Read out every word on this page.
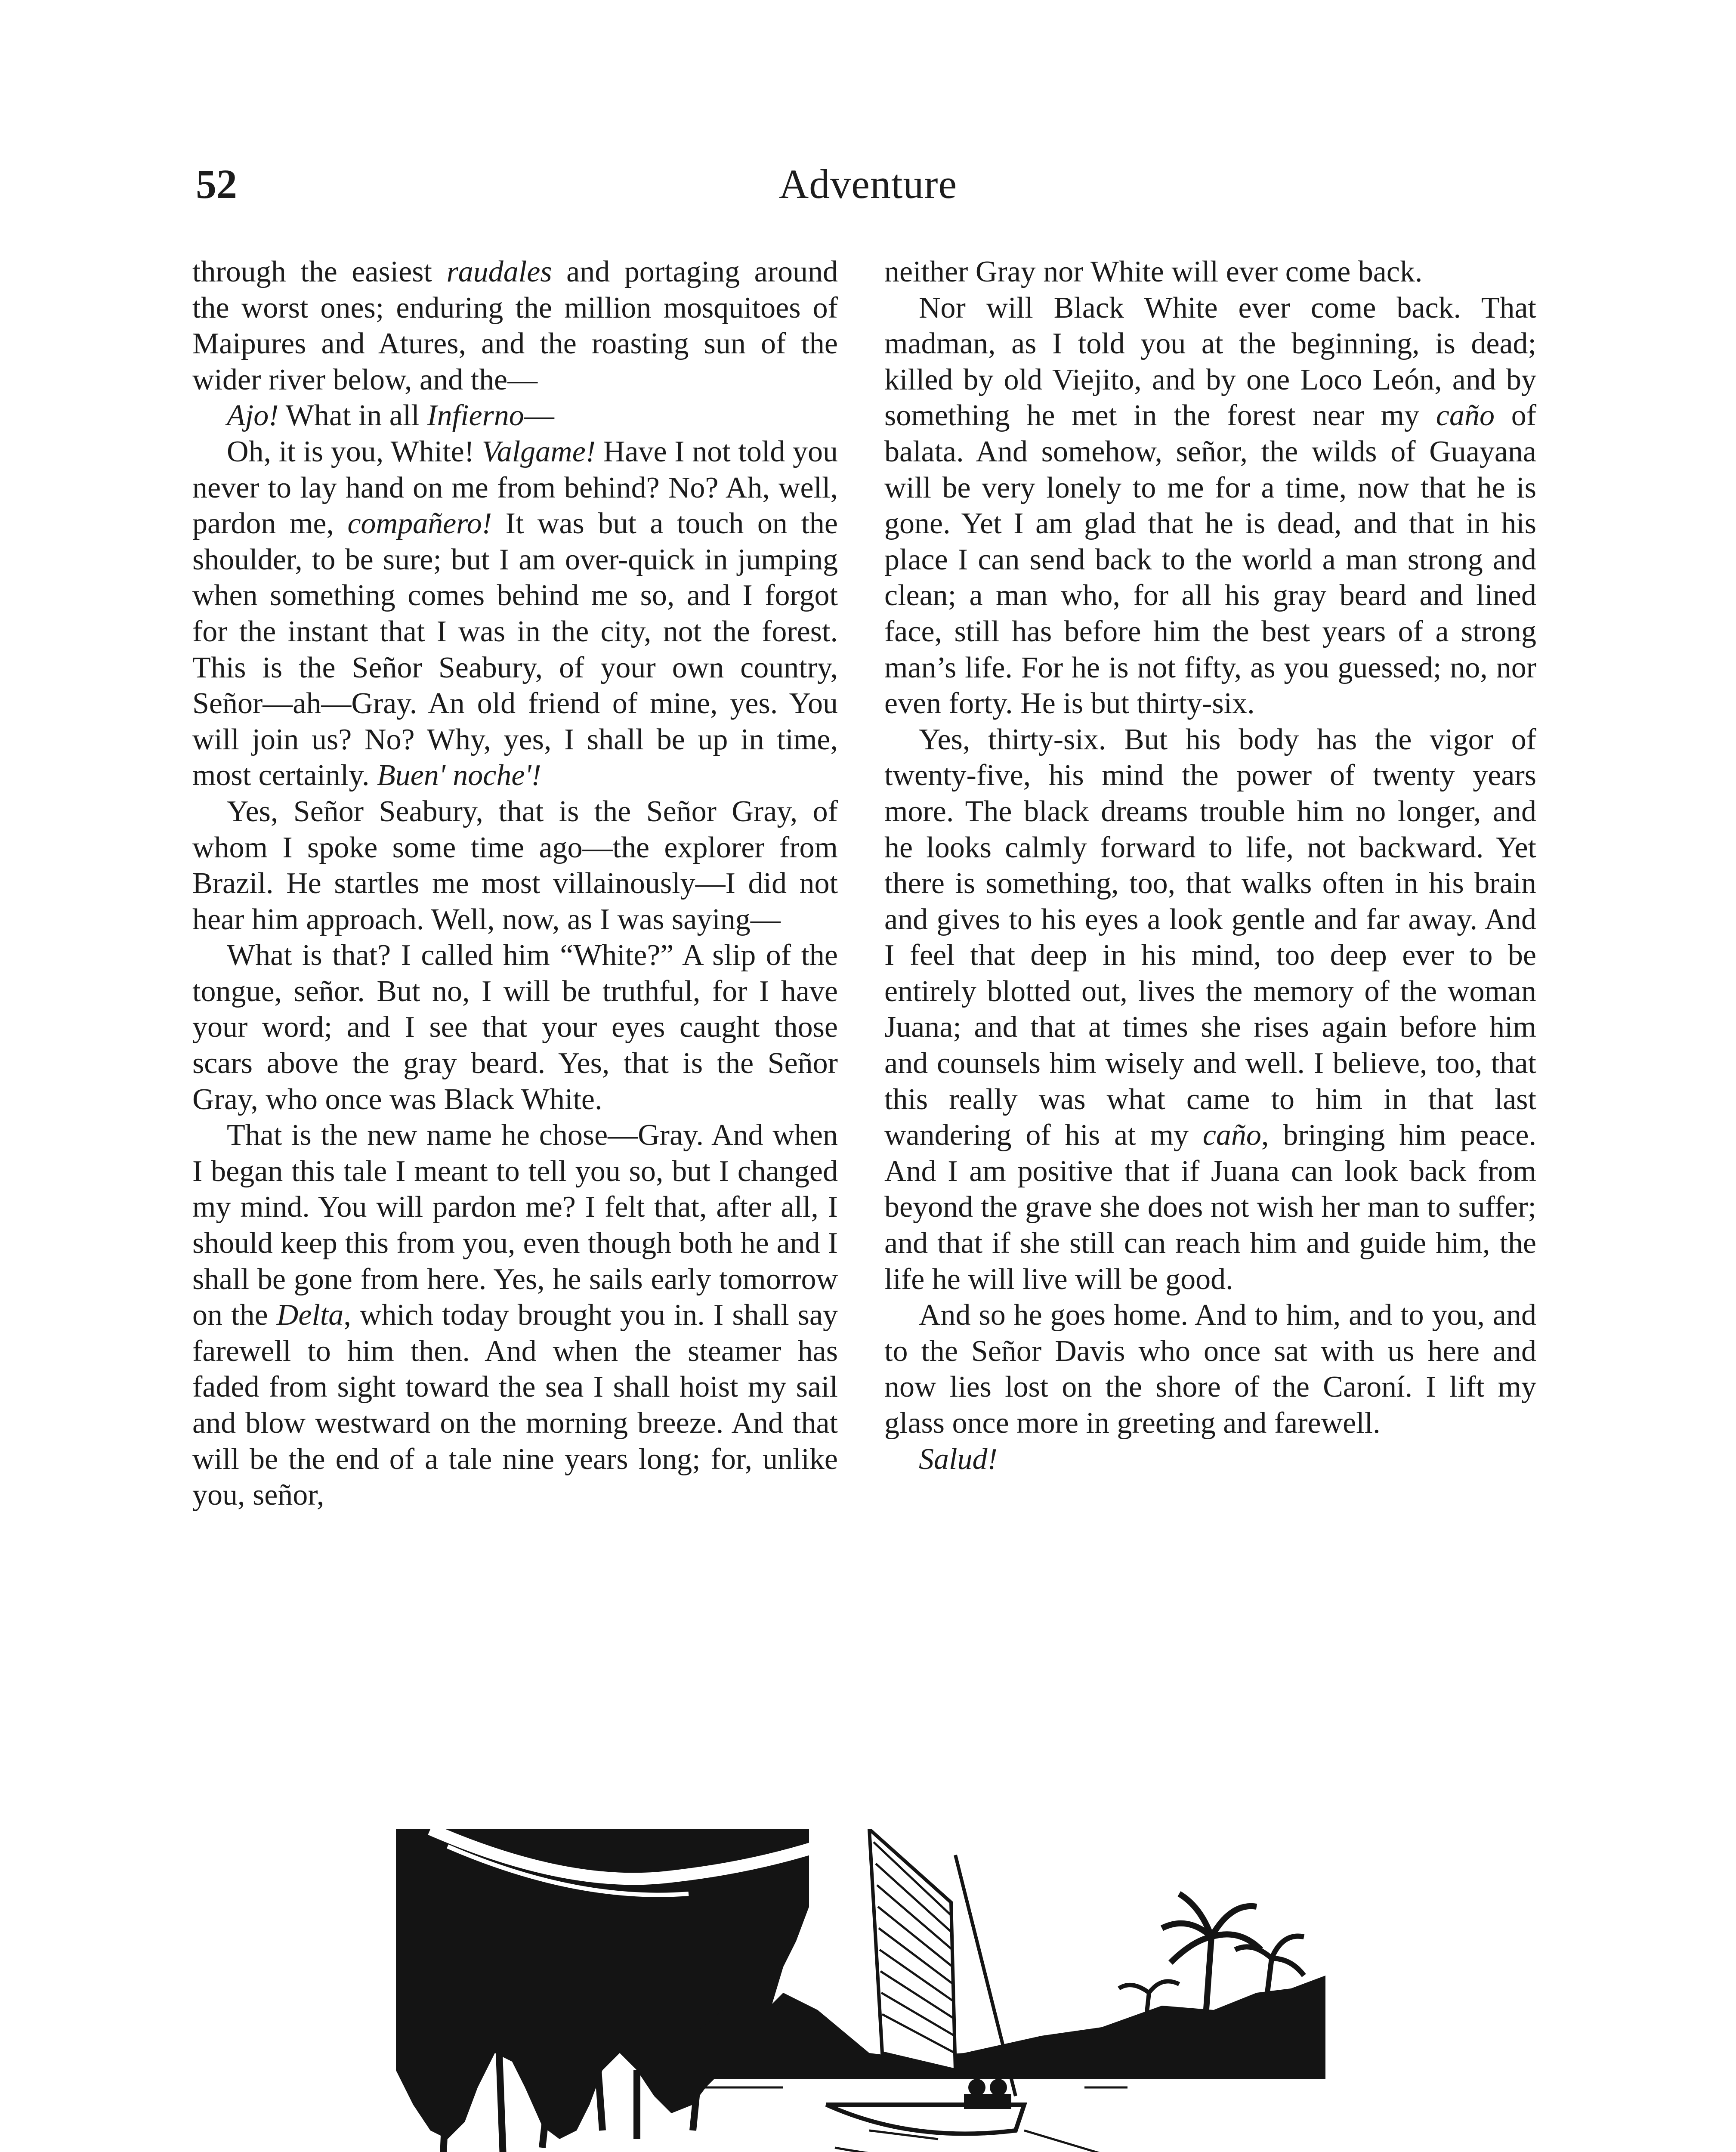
52	Adventure

through the easiest raudales and portaging around the worst ones; enduring the million mosquitoes of Maipures and Atures, and the roasting sun of the wider river below, and the—

Ajo! What in all Infierno—

Oh, it is you, White! Valgame! Have I not told you never to lay hand on me from behind? No? Ah, well, pardon me, compañero! It was but a touch on the shoulder, to be sure; but I am over-quick in jumping when something comes behind me so, and I forgot for the instant that I was in the city, not the forest. This is the Señor Seabury, of your own country, Señor—ah—Gray. An old friend of mine, yes. You will join us? No? Why, yes, I shall be up in time, most certainly. Buen' noche'!

Yes, Señor Seabury, that is the Señor Gray, of whom I spoke some time ago—the explorer from Brazil. He startles me most villainously—I did not hear him approach. Well, now, as I was saying—

What is that? I called him “White?” A slip of the tongue, señor. But no, I will be truthful, for I have your word; and I see that your eyes caught those scars above the gray beard. Yes, that is the Señor Gray, who once was Black White.

That is the new name he chose—Gray. And when I began this tale I meant to tell you so, but I changed my mind. You will pardon me? I felt that, after all, I should keep this from you, even though both he and I shall be gone from here. Yes, he sails early tomorrow on the Delta, which today brought you in. I shall say farewell to him then. And when the steamer has faded from sight toward the sea I shall hoist my sail and blow westward on the morning breeze. And that will be the end of a tale nine years long; for, unlike you, señor,

neither Gray nor White will ever come back.

Nor will Black White ever come back. That madman, as I told you at the beginning, is dead; killed by old Viejito, and by one Loco León, and by something he met in the forest near my caño of balata. And somehow, señor, the wilds of Guayana will be very lonely to me for a time, now that he is gone. Yet I am glad that he is dead, and that in his place I can send back to the world a man strong and clean; a man who, for all his gray beard and lined face, still has before him the best years of a strong man’s life. For he is not fifty, as you guessed; no, nor even forty. He is but thirty-six.

Yes, thirty-six. But his body has the vigor of twenty-five, his mind the power of twenty years more. The black dreams trouble him no longer, and he looks calmly forward to life, not backward. Yet there is something, too, that walks often in his brain and gives to his eyes a look gentle and far away. And I feel that deep in his mind, too deep ever to be entirely blotted out, lives the memory of the woman Juana; and that at times she rises again before him and counsels him wisely and well. I believe, too, that this really was what came to him in that last wandering of his at my caño, bringing him peace. And I am positive that if Juana can look back from beyond the grave she does not wish her man to suffer; and that if she still can reach him and guide him, the life he will live will be good.

And so he goes home. And to him, and to you, and to the Señor Davis who once sat with us here and now lies lost on the shore of the Caroní. I lift my glass once more in greeting and farewell.

Salud!
